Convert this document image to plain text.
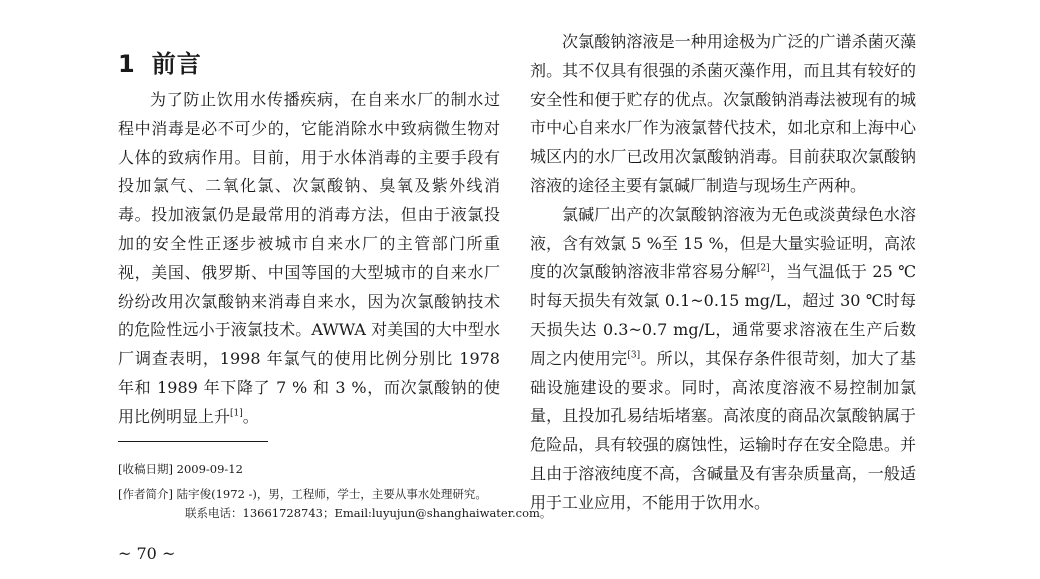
1 前言

为了防止饮用水传播疾病，在自来水厂的制水过程中消毒是必不可少的，它能消除水中致病微生物对人体的致病作用。目前，用于水体消毒的主要手段有投加氯气、二氧化氯、次氯酸钠、臭氧及紫外线消毒。投加液氯仍是最常用的消毒方法，但由于液氯投加的安全性正逐步被城市自来水厂的主管部门所重视，美国、俄罗斯、中国等国的大型城市的自来水厂纷纷改用次氯酸钠来消毒自来水，因为次氯酸钠技术的危险性远小于液氯技术。AWWA 对美国的大中型水厂调查表明，1998 年氯气的使用比例分别比 1978 年和 1989 年下降了 7 % 和 3 %，而次氯酸钠的使用比例明显上升[1]。

次氯酸钠溶液是一种用途极为广泛的广谱杀菌灭藻剂。其不仅具有很强的杀菌灭藻作用，而且其有较好的安全性和便于贮存的优点。次氯酸钠消毒法被现有的城市中心自来水厂作为液氯替代技术，如北京和上海中心城区内的水厂已改用次氯酸钠消毒。目前获取次氯酸钠溶液的途径主要有氯碱厂制造与现场生产两种。

氯碱厂出产的次氯酸钠溶液为无色或淡黄绿色水溶液，含有效氯 5 %至 15 %，但是大量实验证明，高浓度的次氯酸钠溶液非常容易分解[2]，当气温低于 25 ℃时每天损失有效氯 0.1~0.15 mg/L，超过 30 ℃时每天损失达 0.3~0.7 mg/L，通常要求溶液在生产后数周之内使用完[3]。所以，其保存条件很苛刻，加大了基础设施建设的要求。同时，高浓度溶液不易控制加氯量，且投加孔易结垢堵塞。高浓度的商品次氯酸钠属于危险品，具有较强的腐蚀性，运输时存在安全隐患。并且由于溶液纯度不高，含碱量及有害杂质量高，一般适用于工业应用，不能用于饮用水。

[收稿日期] 2009-09-12
[作者简介] 陆宇俊(1972 -)，男，工程师，学士，主要从事水处理研究。
联系电话：13661728743；Email:luyujun@shanghaiwater.com。
~ 70 ~
